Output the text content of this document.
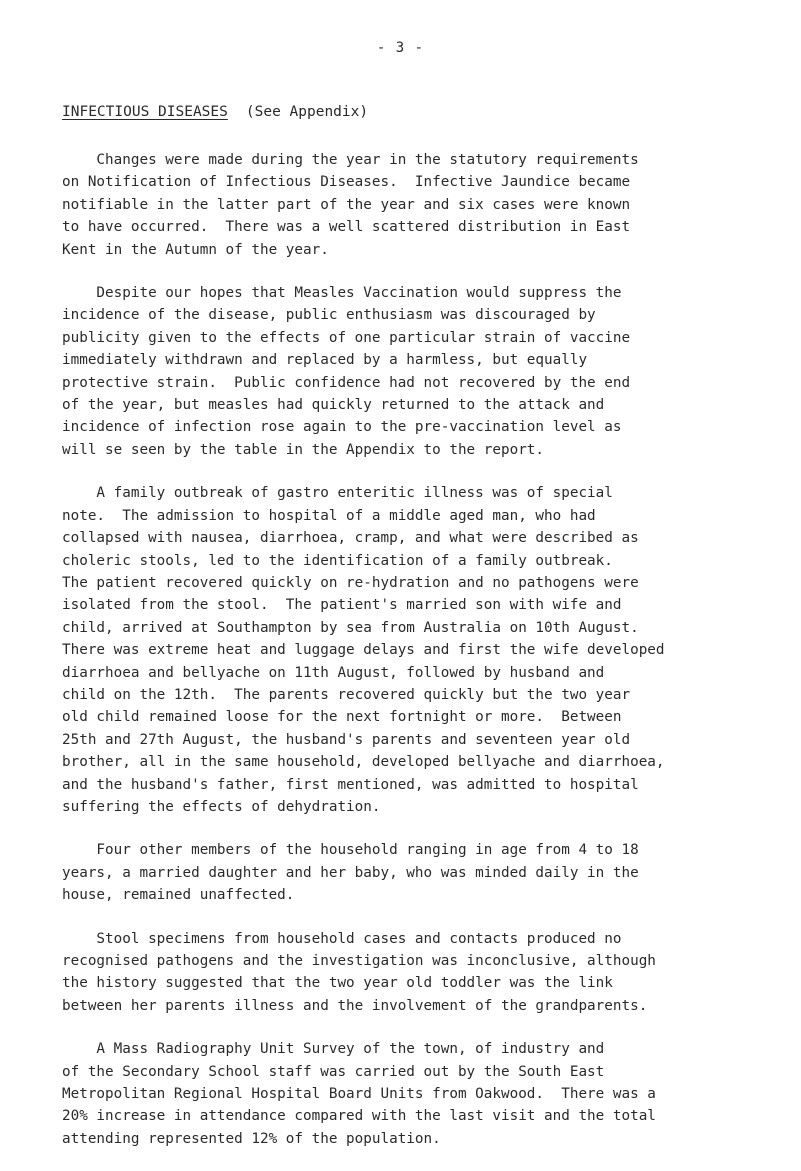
- 3 -
INFECTIOUS DISEASES (See Appendix)
Changes were made during the year in the statutory requirements
on Notification of Infectious Diseases.  Infective Jaundice became
notifiable in the latter part of the year and six cases were known
to have occurred.  There was a well scattered distribution in East
Kent in the Autumn of the year.
Despite our hopes that Measles Vaccination would suppress the
incidence of the disease, public enthusiasm was discouraged by
publicity given to the effects of one particular strain of vaccine
immediately withdrawn and replaced by a harmless, but equally
protective strain.  Public confidence had not recovered by the end
of the year, but measles had quickly returned to the attack and
incidence of infection rose again to the pre-vaccination level as
will se seen by the table in the Appendix to the report.
A family outbreak of gastro enteritic illness was of special
note.  The admission to hospital of a middle aged man, who had
collapsed with nausea, diarrhoea, cramp, and what were described as
choleric stools, led to the identification of a family outbreak.
The patient recovered quickly on re-hydration and no pathogens were
isolated from the stool.  The patient's married son with wife and
child, arrived at Southampton by sea from Australia on 10th August.
There was extreme heat and luggage delays and first the wife developed
diarrhoea and bellyache on 11th August, followed by husband and
child on the 12th.  The parents recovered quickly but the two year
old child remained loose for the next fortnight or more.  Between
25th and 27th August, the husband's parents and seventeen year old
brother, all in the same household, developed bellyache and diarrhoea,
and the husband's father, first mentioned, was admitted to hospital
suffering the effects of dehydration.
Four other members of the household ranging in age from 4 to 18
years, a married daughter and her baby, who was minded daily in the
house, remained unaffected.
Stool specimens from household cases and contacts produced no
recognised pathogens and the investigation was inconclusive, although
the history suggested that the two year old toddler was the link
between her parents illness and the involvement of the grandparents.
A Mass Radiography Unit Survey of the town, of industry and
of the Secondary School staff was carried out by the South East
Metropolitan Regional Hospital Board Units from Oakwood.  There was a
20% increase in attendance compared with the last visit and the total
attending represented 12% of the population.
